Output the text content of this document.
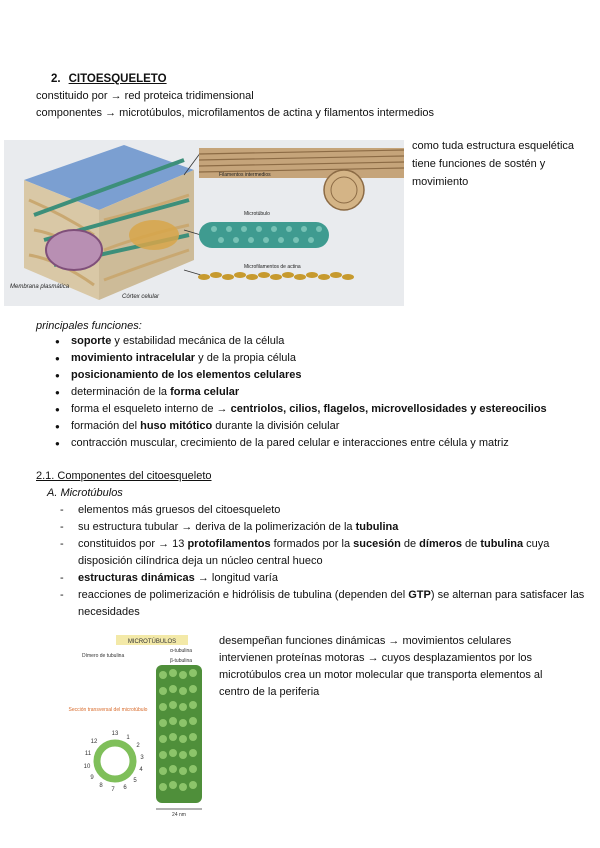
2. CITOESQUELETO
constituido por → red proteica tridimensional
componentes → microtúbulos, microfilamentos de actina y filamentos intermedios
Filamentos intermedios
Microtúbulo
Microfilamentos de actina
Membrana plasmática
Córtex celular
como tuda estructura esquelética tiene funciones de sostén y movimiento
principales funciones:
● soporte y estabilidad mecánica de la célula
● movimiento intracelular y de la propia célula
● posicionamiento de los elementos celulares
● determinación de la forma celular
● forma el esqueleto interno de → centriolos, cilios, flagelos, microvellosidades y estereocilios
● formación del huso mitótico durante la división celular
● contracción muscular, crecimiento de la pared celular e interacciones entre célula y matriz
2.1. Componentes del citoesqueleto
A. Microtúbulos
- elementos más gruesos del citoesqueleto
- su estructura tubular → deriva de la polimerización de la tubulina
- constituidos por → 13 protofilamentos formados por la sucesión de dímeros de tubulina cuya disposición cilíndrica deja un núcleo central hueco
- estructuras dinámicas → longitud varía
- reacciones de polimerización e hidrólisis de tubulina (dependen del GTP) se alternan para satisfacer las necesidades
MICROTÚBULOS
Dímero de tubulina
α-tubulina
β-tubulina
Sección transversal del microtúbulo
13
1
2
3
4
5
6
7
8
9
10
11
12
24 nm
desempeñan funciones dinámicas → movimientos celulares intervienen proteínas motoras → cuyos desplazamientos por los microtúbulos crea un motor molecular que transporta elementos al centro de la periferia
